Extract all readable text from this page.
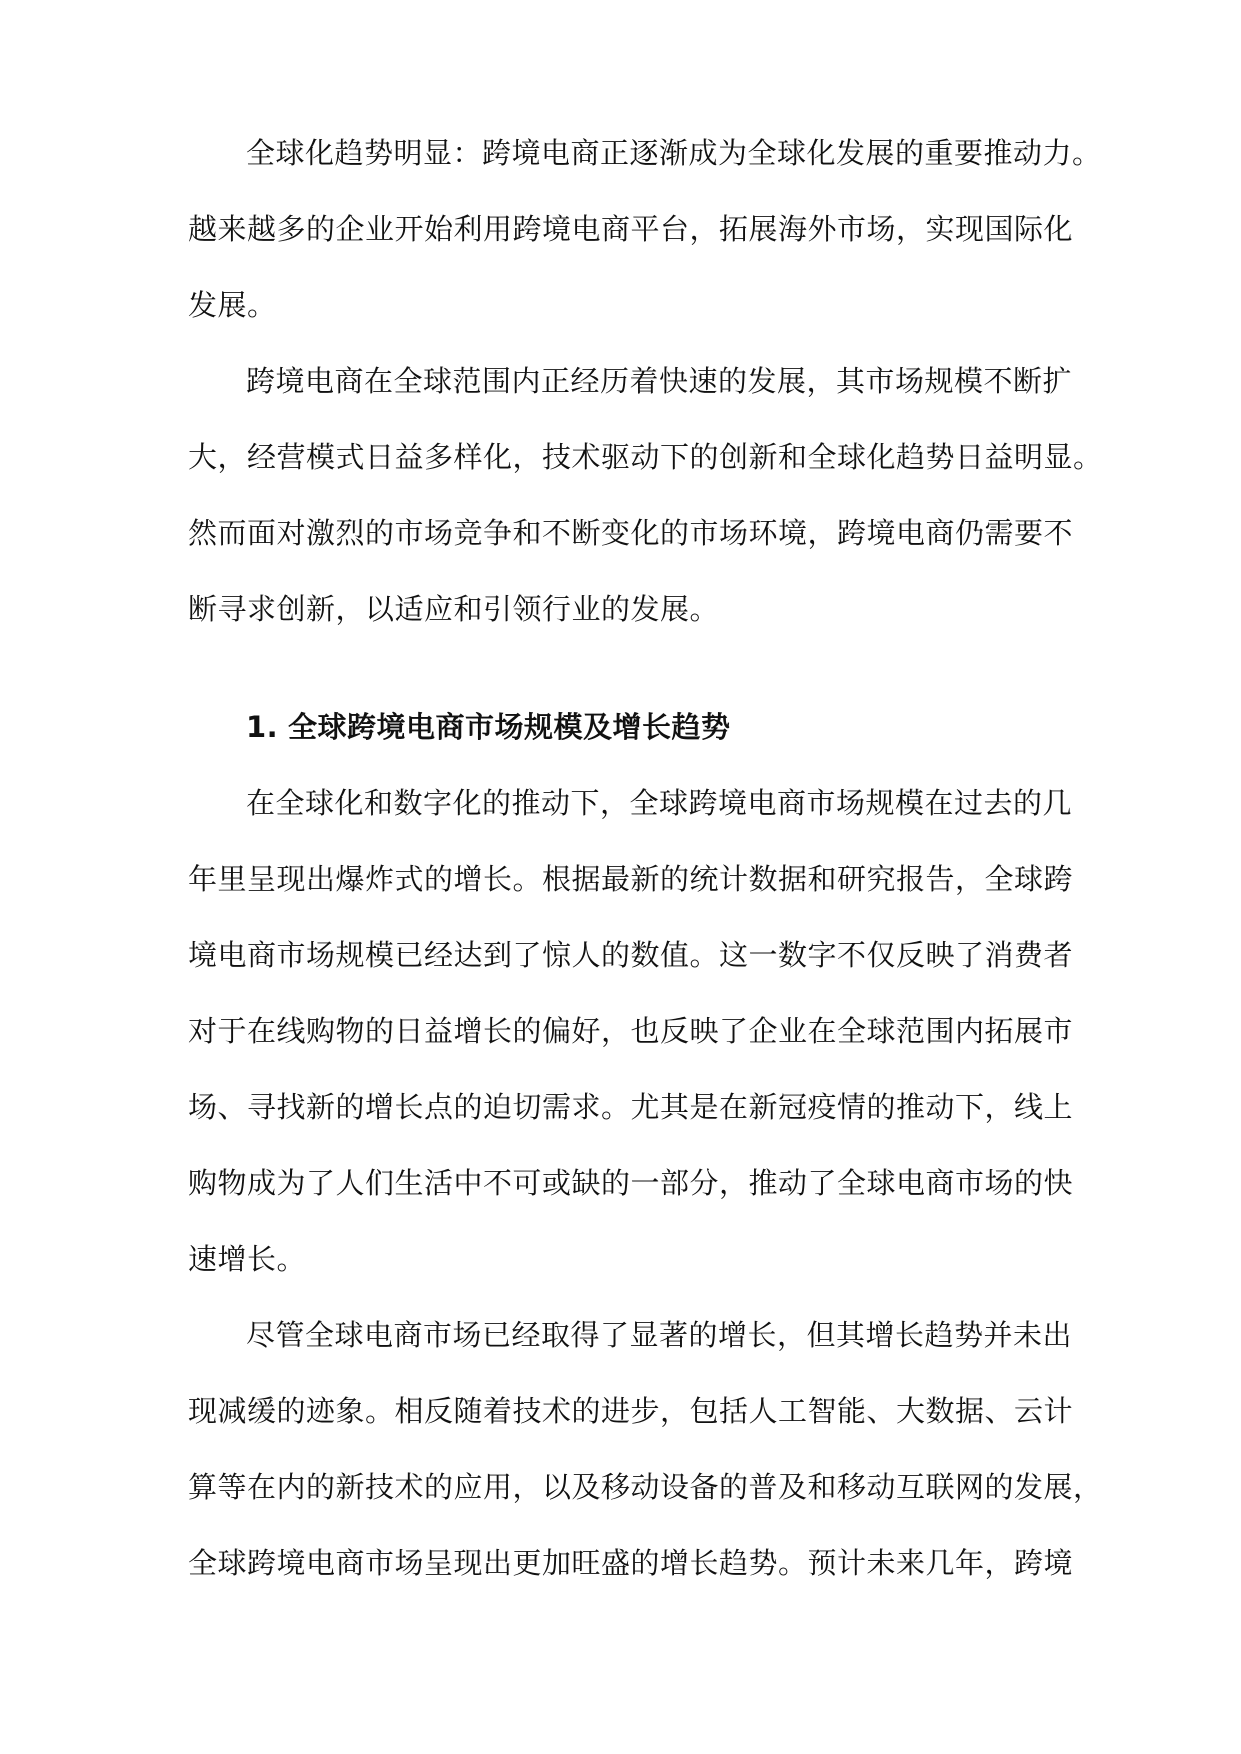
全球化趋势明显：跨境电商正逐渐成为全球化发展的重要推动力。
越来越多的企业开始利用跨境电商平台，拓展海外市场，实现国际化
发展。
跨境电商在全球范围内正经历着快速的发展，其市场规模不断扩
大，经营模式日益多样化，技术驱动下的创新和全球化趋势日益明显。
然而面对激烈的市场竞争和不断变化的市场环境，跨境电商仍需要不
断寻求创新，以适应和引领行业的发展。
1. 全球跨境电商市场规模及增长趋势
在全球化和数字化的推动下，全球跨境电商市场规模在过去的几
年里呈现出爆炸式的增长。根据最新的统计数据和研究报告，全球跨
境电商市场规模已经达到了惊人的数值。这一数字不仅反映了消费者
对于在线购物的日益增长的偏好，也反映了企业在全球范围内拓展市
场、寻找新的增长点的迫切需求。尤其是在新冠疫情的推动下，线上
购物成为了人们生活中不可或缺的一部分，推动了全球电商市场的快
速增长。
尽管全球电商市场已经取得了显著的增长，但其增长趋势并未出
现减缓的迹象。相反随着技术的进步，包括人工智能、大数据、云计
算等在内的新技术的应用，以及移动设备的普及和移动互联网的发展，
全球跨境电商市场呈现出更加旺盛的增长趋势。预计未来几年，跨境
